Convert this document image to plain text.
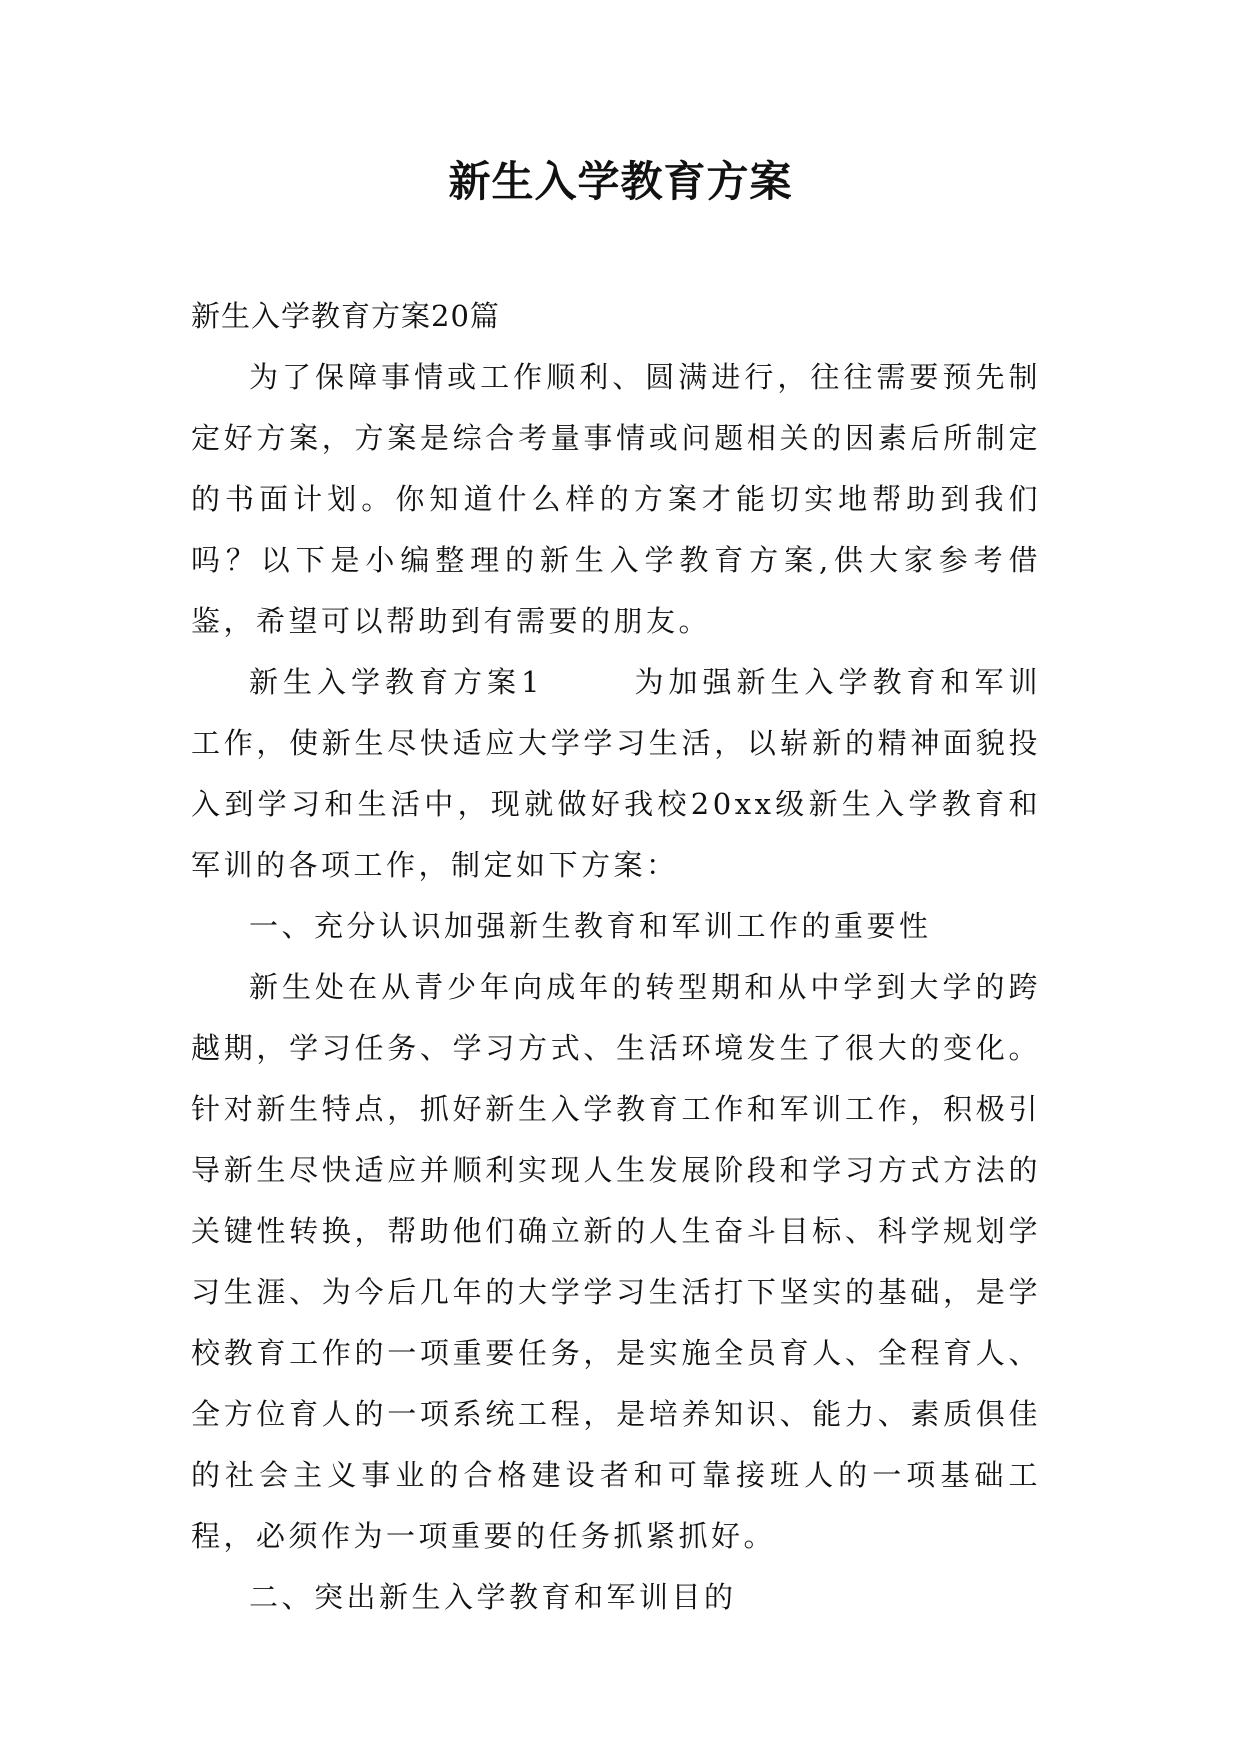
新生入学教育方案

新生入学教育方案20篇

为了保障事情或工作顺利、圆满进行，往往需要预先制定好方案，方案是综合考量事情或问题相关的因素后所制定的书面计划。你知道什么样的方案才能切实地帮助到我们吗？以下是小编整理的新生入学教育方案,供大家参考借鉴，希望可以帮助到有需要的朋友。

新生入学教育方案1	为加强新生入学教育和军训工作，使新生尽快适应大学学习生活，以崭新的精神面貌投入到学习和生活中，现就做好我校20xx级新生入学教育和军训的各项工作，制定如下方案：

一、充分认识加强新生教育和军训工作的重要性

新生处在从青少年向成年的转型期和从中学到大学的跨越期，学习任务、学习方式、生活环境发生了很大的变化。针对新生特点，抓好新生入学教育工作和军训工作，积极引导新生尽快适应并顺利实现人生发展阶段和学习方式方法的关键性转换，帮助他们确立新的人生奋斗目标、科学规划学习生涯、为今后几年的大学学习生活打下坚实的基础，是学校教育工作的一项重要任务，是实施全员育人、全程育人、全方位育人的一项系统工程，是培养知识、能力、素质俱佳的社会主义事业的合格建设者和可靠接班人的一项基础工程，必须作为一项重要的任务抓紧抓好。

二、突出新生入学教育和军训目的
